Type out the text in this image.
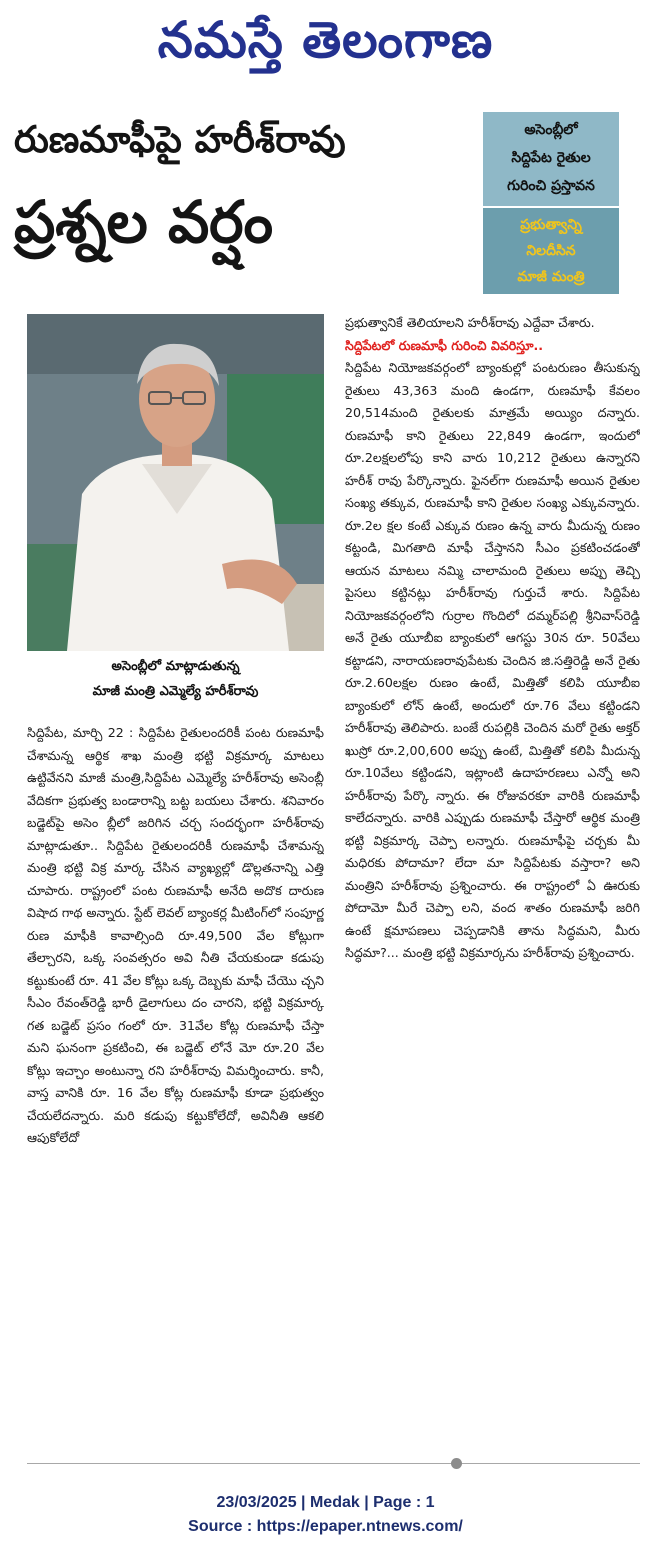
నమస్తే తెలంగాణ
రుణమాఫీపై హరీశ్‌రావు
ప్రశ్నల వర్షం
అసెంబ్లీలో
సిద్దిపేట రైతుల
గురించి ప్రస్తావన
ప్రభుత్వాన్ని
నిలదీసిన
మాజీ మంత్రి
అసెంబ్లీలో మాట్లాడుతున్న
మాజీ మంత్రి ఎమ్మెల్యే హరీశ్‌రావు

సిద్దిపేట, మార్చి 22 : సిద్దిపేట రైతులందరికీ పంట రుణమాఫీ చేశామన్న ఆర్థిక శాఖ మంత్రి భట్టి విక్రమార్క మాటలు ఉట్టివేనని మాజీ మంత్రి,సిద్దిపేట ఎమ్మెల్యే హరీశ్‌రావు అసెంబ్లీ వేదికగా ప్రభుత్వ బండారాన్ని బట్ట బయలు చేశారు. శనివారం బడ్జెట్‌పై అసెం బ్లీలో జరిగిన చర్చ సందర్భంగా హరీశ్‌రావు మాట్లాడుతూ.. సిద్దిపేట రైతులందరికీ రుణమాఫీ చేశామన్న మంత్రి భట్టి విక్ర మార్క చేసిన వ్యాఖ్యల్లో డొల్లతనాన్ని ఎత్తి చూపారు. రాష్ట్రంలో పంట రుణమాఫీ అనేది అదొక దారుణ విషాద గాథ అన్నారు. స్టేట్ లెవల్ బ్యాంకర్ల మీటింగ్‌లో సంపూర్ణ రుణ మాఫీకి కావాల్సింది రూ.49,500 వేల కోట్లుగా తేల్చారని, ఒక్క సంవత్సరం అవి నీతి చేయకుండా కడుపు కట్టుకుంటే రూ. 41 వేల కోట్లు ఒక్క దెబ్బకు మాఫీ చేయొ చ్చని సీఎం రేవంత్‌రెడ్డి భారీ డైలాగులు దం చారని, భట్టి విక్రమార్క గత బడ్జెట్ ప్రసం గంలో రూ. 31వేల కోట్ల రుణమాఫీ చేస్తా మని ఘనంగా ప్రకటించి, ఈ బడ్జెట్ లోనే మో రూ.20 వేల కోట్లు ఇచ్చాం అంటున్నా రని హరీశ్‌రావు విమర్శించారు. కానీ, వాస్త వానికి రూ. 16 వేల కోట్ల రుణమాఫీ కూడా ప్రభుత్వం చేయలేదన్నారు. మరి కడుపు కట్టుకోలేదో, అవినీతి ఆకలి ఆపుకోలేదో

ప్రభుత్వానికే తెలియాలని హరీశ్‌రావు ఎద్దేవా చేశారు.

సిద్దిపేటలో రుణమాఫీ గురించి వివరిస్తూ..

సిద్దిపేట నియోజకవర్గంలో బ్యాంకుల్లో పంటరుణం తీసుకున్న రైతులు 43,363 మంది ఉండగా, రుణమాఫీ కేవలం 20,514మంది రైతులకు మాత్రమే అయ్యిం దన్నారు. రుణమాఫీ కాని రైతులు 22,849 ఉండగా, ఇందులో రూ.2లక్షలలోపు కాని వారు 10,212 రైతులు ఉన్నారని హరీశ్ రావు పేర్కొన్నారు. ఫైనల్‌గా రుణమాఫీ అయిన రైతుల సంఖ్య తక్కువ, రుణమాఫీ కాని రైతుల సంఖ్య ఎక్కువన్నారు. రూ.2ల క్షల కంటే ఎక్కువ రుణం ఉన్న వారు మీదున్న రుణం కట్టండి, మిగతాది మాఫీ చేస్తానని సీఎం ప్రకటించడంతో ఆయన మాటలు నమ్మి చాలామంది రైతులు అప్పు తెచ్చి పైసలు కట్టినట్లు హరీశ్‌రావు గుర్తుచే శారు. సిద్దిపేట నియోజకవర్గంలోని గుర్రాల గొందిలో దమ్మర్‌పల్లి శ్రీనివాస్‌రెడ్డి అనే రైతు యూబీఐ బ్యాంకులో ఆగస్టు 30న రూ. 50వేలు కట్టాడని, నారాయణరావుపేటకు చెందిన జి.సత్తిరెడ్డి అనే రైతు రూ.2.60లక్షల రుణం ఉంటే, మిత్తితో కలిపి యూబీఐ బ్యాంకులో లోన్ ఉంటే, అందులో రూ.76 వేలు కట్టిండని హరీశ్‌రావు తెలిపారు. బంజే రుపల్లికి చెందిన మరో రైతు అక్తర్ ఖుస్రో రూ.2,00,600 అప్పు ఉంటే, మిత్తితో కలిపి మీదున్న రూ.10వేలు కట్టిండని, ఇట్లాంటి ఉదాహరణలు ఎన్నో అని హరీశ్‌రావు పేర్కొ న్నారు. ఈ రోజువరకూ వారికి రుణమాఫీ కాలేదన్నారు. వారికి ఎప్పుడు రుణమాఫీ చేస్తారో ఆర్థిక మంత్రి భట్టి విక్రమార్క చెప్పా లన్నారు. రుణమాఫీపై చర్చకు మీ మధిరకు పోదామా? లేదా మా సిద్దిపేటకు వస్తారా? అని మంత్రిని హరీశ్‌రావు ప్రశ్నించారు. ఈ రాష్ట్రంలో ఏ ఊరుకు పోదామో మీరే చెప్పా లని, వంద శాతం రుణమాఫీ జరిగి ఉంటే క్షమాపణలు చెప్పడానికి తాను సిద్ధమని, మీరు సిద్ధమా?... మంత్రి భట్టి విక్రమార్కను హరీశ్‌రావు ప్రశ్నించారు.

23/03/2025 | Medak | Page : 1
Source : https://epaper.ntnews.com/
